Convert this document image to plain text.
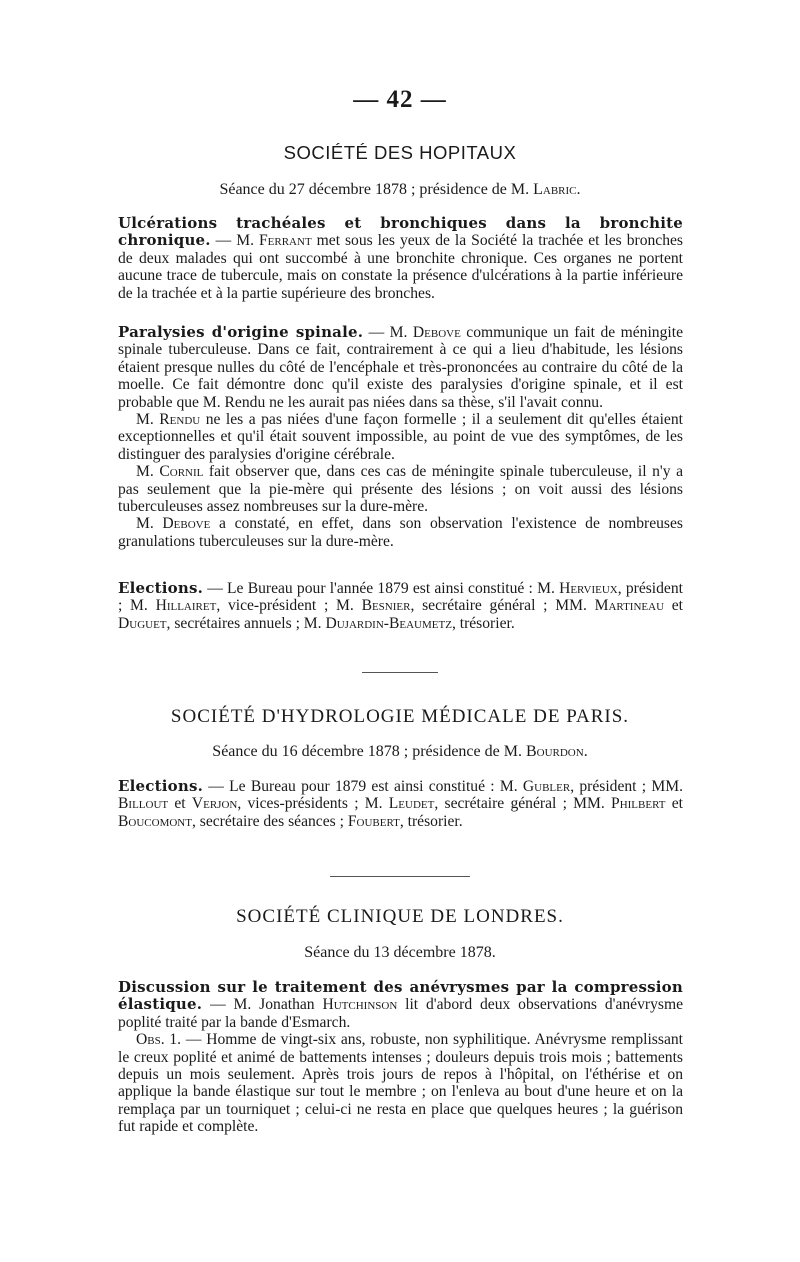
— 42 —
SOCIÉTÉ DES HOPITAUX
Séance du 27 décembre 1878 ; présidence de M. Labric.

Ulcérations trachéales et bronchiques dans la bronchite chronique. — M. Ferrant met sous les yeux de la Société la trachée et les bronches de deux malades qui ont succombé à une bronchite chronique. Ces organes ne portent aucune trace de tubercule, mais on constate la présence d'ulcérations à la partie inférieure de la trachée et à la partie supérieure des bronches.

Paralysies d'origine spinale. — M. Debove communique un fait de méningite spinale tuberculeuse. Dans ce fait, contrairement à ce qui a lieu d'habitude, les lésions étaient presque nulles du côté de l'encéphale et très-prononcées au contraire du côté de la moelle. Ce fait démontre donc qu'il existe des paralysies d'origine spinale, et il est probable que M. Rendu ne les aurait pas niées dans sa thèse, s'il l'avait connu.

M. Rendu ne les a pas niées d'une façon formelle ; il a seulement dit qu'elles étaient exceptionnelles et qu'il était souvent impossible, au point de vue des symptômes, de les distinguer des paralysies d'origine cérébrale.

M. Cornil fait observer que, dans ces cas de méningite spinale tuberculeuse, il n'y a pas seulement que la pie-mère qui présente des lésions ; on voit aussi des lésions tuberculeuses assez nombreuses sur la dure-mère.

M. Debove a constaté, en effet, dans son observation l'existence de nombreuses granulations tuberculeuses sur la dure-mère.

Elections. — Le Bureau pour l'année 1879 est ainsi constitué : M. Hervieux, président ; M. Hillairet, vice-président ; M. Besnier, secrétaire général ; MM. Martineau et Duguet, secrétaires annuels ; M. Dujardin-Beaumetz, trésorier.

SOCIÉTÉ D'HYDROLOGIE MÉDICALE DE PARIS.
Séance du 16 décembre 1878 ; présidence de M. Bourdon.

Elections. — Le Bureau pour 1879 est ainsi constitué : M. Gubler, président ; MM. Billout et Verjon, vices-présidents ; M. Leudet, secrétaire général ; MM. Philbert et Boucomont, secrétaire des séances ; Foubert, trésorier.

SOCIÉTÉ CLINIQUE DE LONDRES.
Séance du 13 décembre 1878.

Discussion sur le traitement des anévrysmes par la compression élastique. — M. Jonathan Hutchinson lit d'abord deux observations d'anévrysme poplité traité par la bande d'Esmarch.

Obs. 1. — Homme de vingt-six ans, robuste, non syphilitique. Anévrysme remplissant le creux poplité et animé de battements intenses ; douleurs depuis trois mois ; battements depuis un mois seulement. Après trois jours de repos à l'hôpital, on l'éthérise et on applique la bande élastique sur tout le membre ; on l'enleva au bout d'une heure et on la remplaça par un tourniquet ; celui-ci ne resta en place que quelques heures ; la guérison fut rapide et complète.
